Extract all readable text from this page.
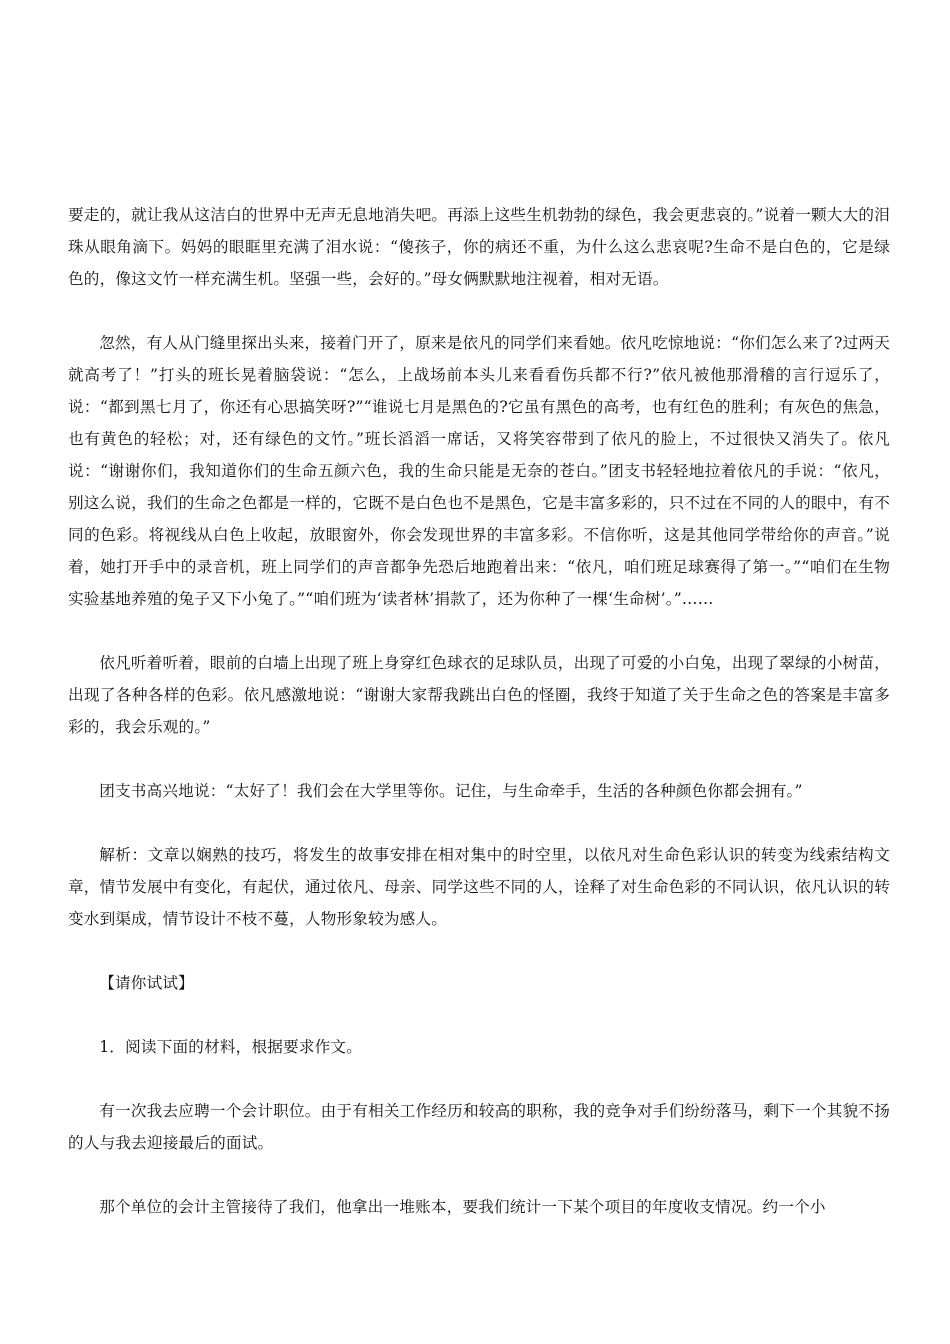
要走的，就让我从这洁白的世界中无声无息地消失吧。再添上这些生机勃勃的绿色，我会更悲哀的。”说着一颗大大的泪珠从眼角滴下。妈妈的眼眶里充满了泪水说：“傻孩子，你的病还不重，为什么这么悲哀呢?生命不是白色的，它是绿色的，像这文竹一样充满生机。坚强一些，会好的。”母女俩默默地注视着，相对无语。

忽然，有人从门缝里探出头来，接着门开了，原来是依凡的同学们来看她。依凡吃惊地说：“你们怎么来了?过两天就高考了！”打头的班长晃着脑袋说：“怎么，上战场前本头儿来看看伤兵都不行?”依凡被他那滑稽的言行逗乐了，说：“都到黑七月了，你还有心思搞笑呀?”“谁说七月是黑色的?它虽有黑色的高考，也有红色的胜利；有灰色的焦急，也有黄色的轻松；对，还有绿色的文竹。”班长滔滔一席话，又将笑容带到了依凡的脸上，不过很快又消失了。依凡说：“谢谢你们，我知道你们的生命五颜六色，我的生命只能是无奈的苍白。”团支书轻轻地拉着依凡的手说：“依凡，别这么说，我们的生命之色都是一样的，它既不是白色也不是黑色，它是丰富多彩的，只不过在不同的人的眼中，有不同的色彩。将视线从白色上收起，放眼窗外，你会发现世界的丰富多彩。不信你听，这是其他同学带给你的声音。”说着，她打开手中的录音机，班上同学们的声音都争先恐后地跑着出来：“依凡，咱们班足球赛得了第一。”“咱们在生物实验基地养殖的兔子又下小兔了。”“咱们班为‘读者林’捐款了，还为你种了一棵‘生命树’。”……

依凡听着听着，眼前的白墙上出现了班上身穿红色球衣的足球队员，出现了可爱的小白兔，出现了翠绿的小树苗，出现了各种各样的色彩。依凡感激地说：“谢谢大家帮我跳出白色的怪圈，我终于知道了关于生命之色的答案是丰富多彩的，我会乐观的。”

团支书高兴地说：“太好了！我们会在大学里等你。记住，与生命牵手，生活的各种颜色你都会拥有。”

解析：文章以娴熟的技巧，将发生的故事安排在相对集中的时空里，以依凡对生命色彩认识的转变为线索结构文章，情节发展中有变化，有起伏，通过依凡、母亲、同学这些不同的人，诠释了对生命色彩的不同认识，依凡认识的转变水到渠成，情节设计不枝不蔓，人物形象较为感人。

【请你试试】

1．阅读下面的材料，根据要求作文。

有一次我去应聘一个会计职位。由于有相关工作经历和较高的职称，我的竞争对手们纷纷落马，剩下一个其貌不扬的人与我去迎接最后的面试。

那个单位的会计主管接待了我们，他拿出一堆账本，要我们统计一下某个项目的年度收支情况。约一个小
